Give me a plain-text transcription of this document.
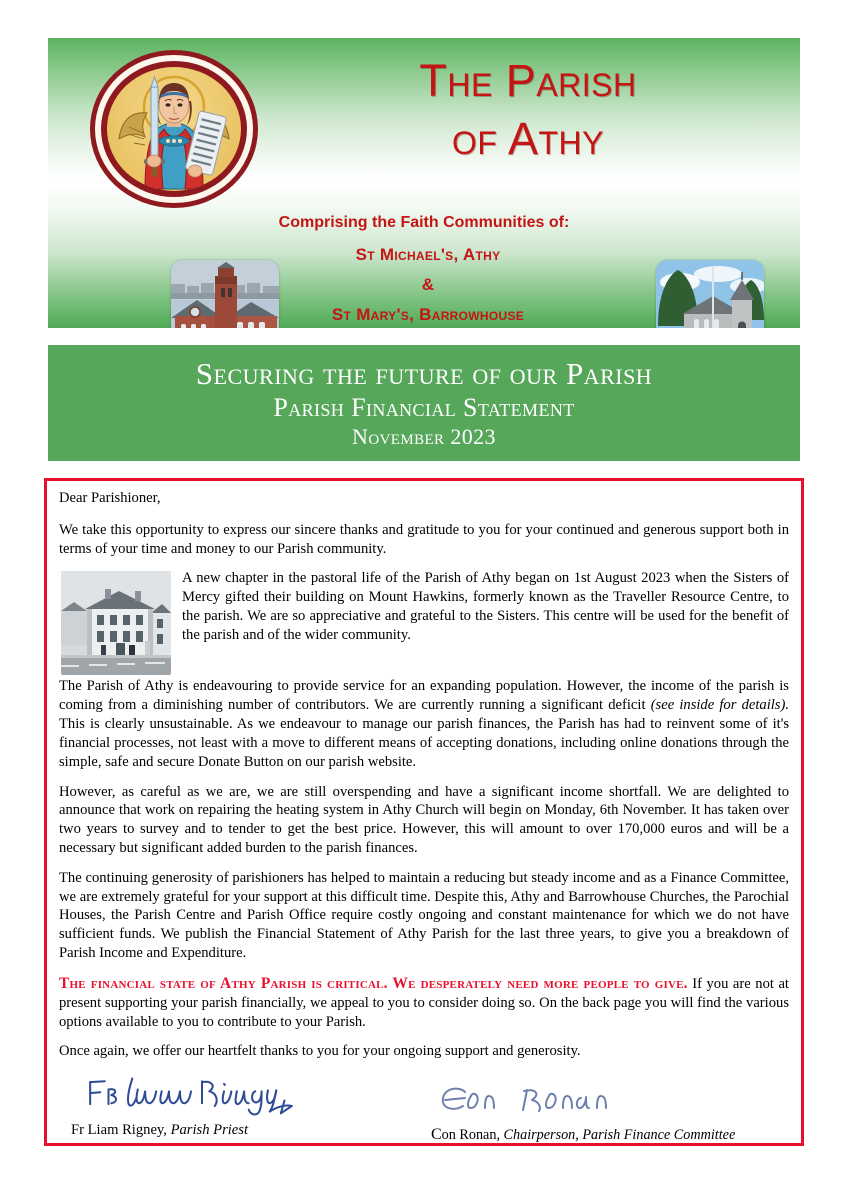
The Parish
of Athy
Comprising the Faith Communities of:
St Michael's, Athy
&
St Mary's, Barrowhouse
Securing the future of our Parish
Parish Financial Statement
November 2023

Dear Parishioner,

We take this opportunity to express our sincere thanks and gratitude to you for your continued and generous support both in terms of your time and money to our Parish community.

A new chapter in the pastoral life of the Parish of Athy began on 1st August 2023 when the Sisters of Mercy gifted their building on Mount Hawkins, formerly known as the Traveller Resource Centre, to the parish. We are so appreciative and grateful to the Sisters. This centre will be used for the benefit of the parish and of the wider community.

The Parish of Athy is endeavouring to provide service for an expanding population. However, the income of the parish is coming from a diminishing number of contributors. We are currently running a significant deficit (see inside for details). This is clearly unsustainable. As we endeavour to manage our parish finances, the Parish has had to reinvent some of it's financial processes, not least with a move to different means of accepting donations, including online donations through the simple, safe and secure Donate Button on our parish website.

However, as careful as we are, we are still overspending and have a significant income shortfall. We are delighted to announce that work on repairing the heating system in Athy Church will begin on Monday, 6th November. It has taken over two years to survey and to tender to get the best price. However, this will amount to over 170,000 euros and will be a necessary but significant added burden to the parish finances.

The continuing generosity of parishioners has helped to maintain a reducing but steady income and as a Finance Committee, we are extremely grateful for your support at this difficult time. Despite this, Athy and Barrowhouse Churches, the Parochial Houses, the Parish Centre and Parish Office require costly ongoing and constant maintenance for which we do not have sufficient funds. We publish the Financial Statement of Athy Parish for the last three years, to give you a breakdown of Parish Income and Expenditure.

The financial state of Athy Parish is critical. We desperately need more people to give. If you are not at present supporting your parish financially, we appeal to you to consider doing so. On the back page you will find the various options available to you to contribute to your Parish.

Once again, we offer our heartfelt thanks to you for your ongoing support and generosity.

Fr Liam Rigney, Parish Priest	Con Ronan, Chairperson, Parish Finance Committee
